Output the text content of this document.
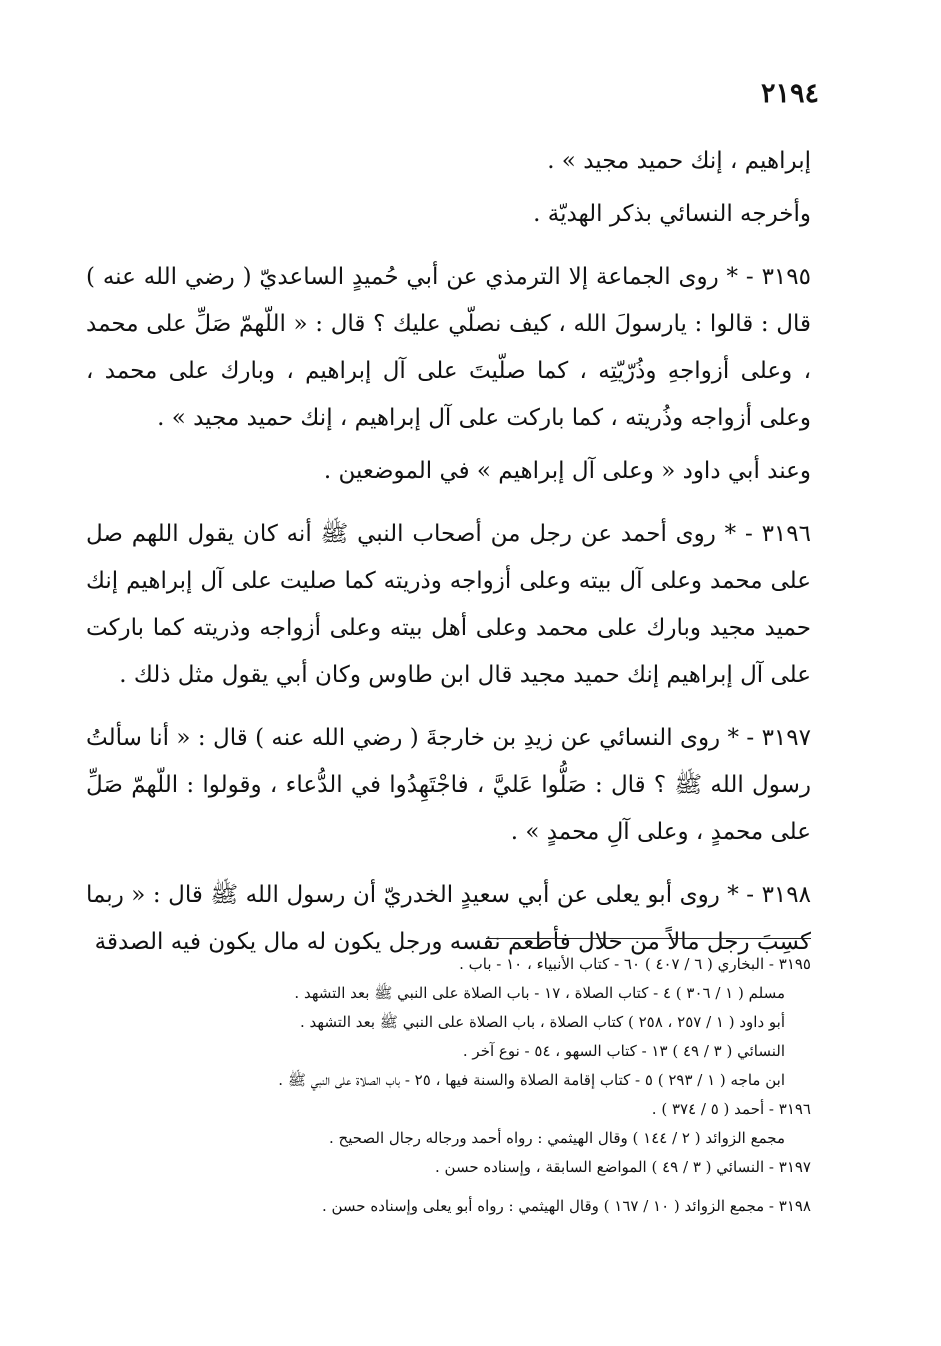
٢١٩٤

إبراهيم ، إنك حميد مجيد » .

وأخرجه النسائي بذكر الهديّة .

٣١٩٥ - * روى الجماعة إلا الترمذي عن أبي حُميدٍ الساعديّ ( رضي الله عنه ) قال : قالوا : يارسولَ الله ، كيف نصلّي عليك ؟ قال : « اللّهمّ صَلِّ على محمد ، وعلى أزواجهِ وذُرّيّتِه ، كما صلّيتَ على آل إبراهيم ، وبارك على محمد ، وعلى أزواجه وذُريته ، كما باركت على آل إبراهيم ، إنك حميد مجيد » .

وعند أبي داود « وعلى آل إبراهيم » في الموضعين .

٣١٩٦ - * روى أحمد عن رجل من أصحاب النبي ﷺ أنه كان يقول اللهم صل على محمد وعلى آل بيته وعلى أزواجه وذريته كما صليت على آل إبراهيم إنك حميد مجيد وبارك على محمد وعلى أهل بيته وعلى أزواجه وذريته كما باركت على آل إبراهيم إنك حميد مجيد قال ابن طاوس وكان أبي يقول مثل ذلك .

٣١٩٧ - * روى النسائي عن زيدِ بن خارجةَ ( رضي الله عنه ) قال : « أنا سألتُ رسول الله ﷺ ؟ قال : صَلُّوا عَليَّ ، فاجْتَهِدُوا في الدُّعاء ، وقولوا : اللّهمّ صَلِّ على محمدٍ ، وعلى آلِ محمدٍ » .

٣١٩٨ - * روى أبو يعلى عن أبي سعيدٍ الخدريّ أن رسول الله ﷺ قال : « ربما كسِبَ رجل مالاً من حلال فأطعم نفسه ورجل يكون له مال يكون فيه الصدقة

٣١٩٥ - البخاري ( ٦ / ٤٠٧ ) ٦٠ - كتاب الأنبياء ، ١٠ - باب .

مسلم ( ١ / ٣٠٦ ) ٤ - كتاب الصلاة ، ١٧ - باب الصلاة على النبي ﷺ بعد التشهد .

أبو داود ( ١ / ٢٥٧ ، ٢٥٨ ) كتاب الصلاة ، باب الصلاة على النبي ﷺ بعد التشهد .

النسائي ( ٣ / ٤٩ ) ١٣ - كتاب السهو ، ٥٤ - نوع آخر .

ابن ماجه ( ١ / ٢٩٣ ) ٥ - كتاب إقامة الصلاة والسنة فيها ، ٢٥ - باب الصلاة على النبي ﷺ .

٣١٩٦ - أحمد ( ٥ / ٣٧٤ ) .

مجمع الزوائد ( ٢ / ١٤٤ ) وقال الهيثمي : رواه أحمد ورجاله رجال الصحيح .

٣١٩٧ - النسائي ( ٣ / ٤٩ ) المواضع السابقة ، وإسناده حسن .

٣١٩٨ - مجمع الزوائد ( ١٠ / ١٦٧ ) وقال الهيثمي : رواه أبو يعلى وإسناده حسن .
